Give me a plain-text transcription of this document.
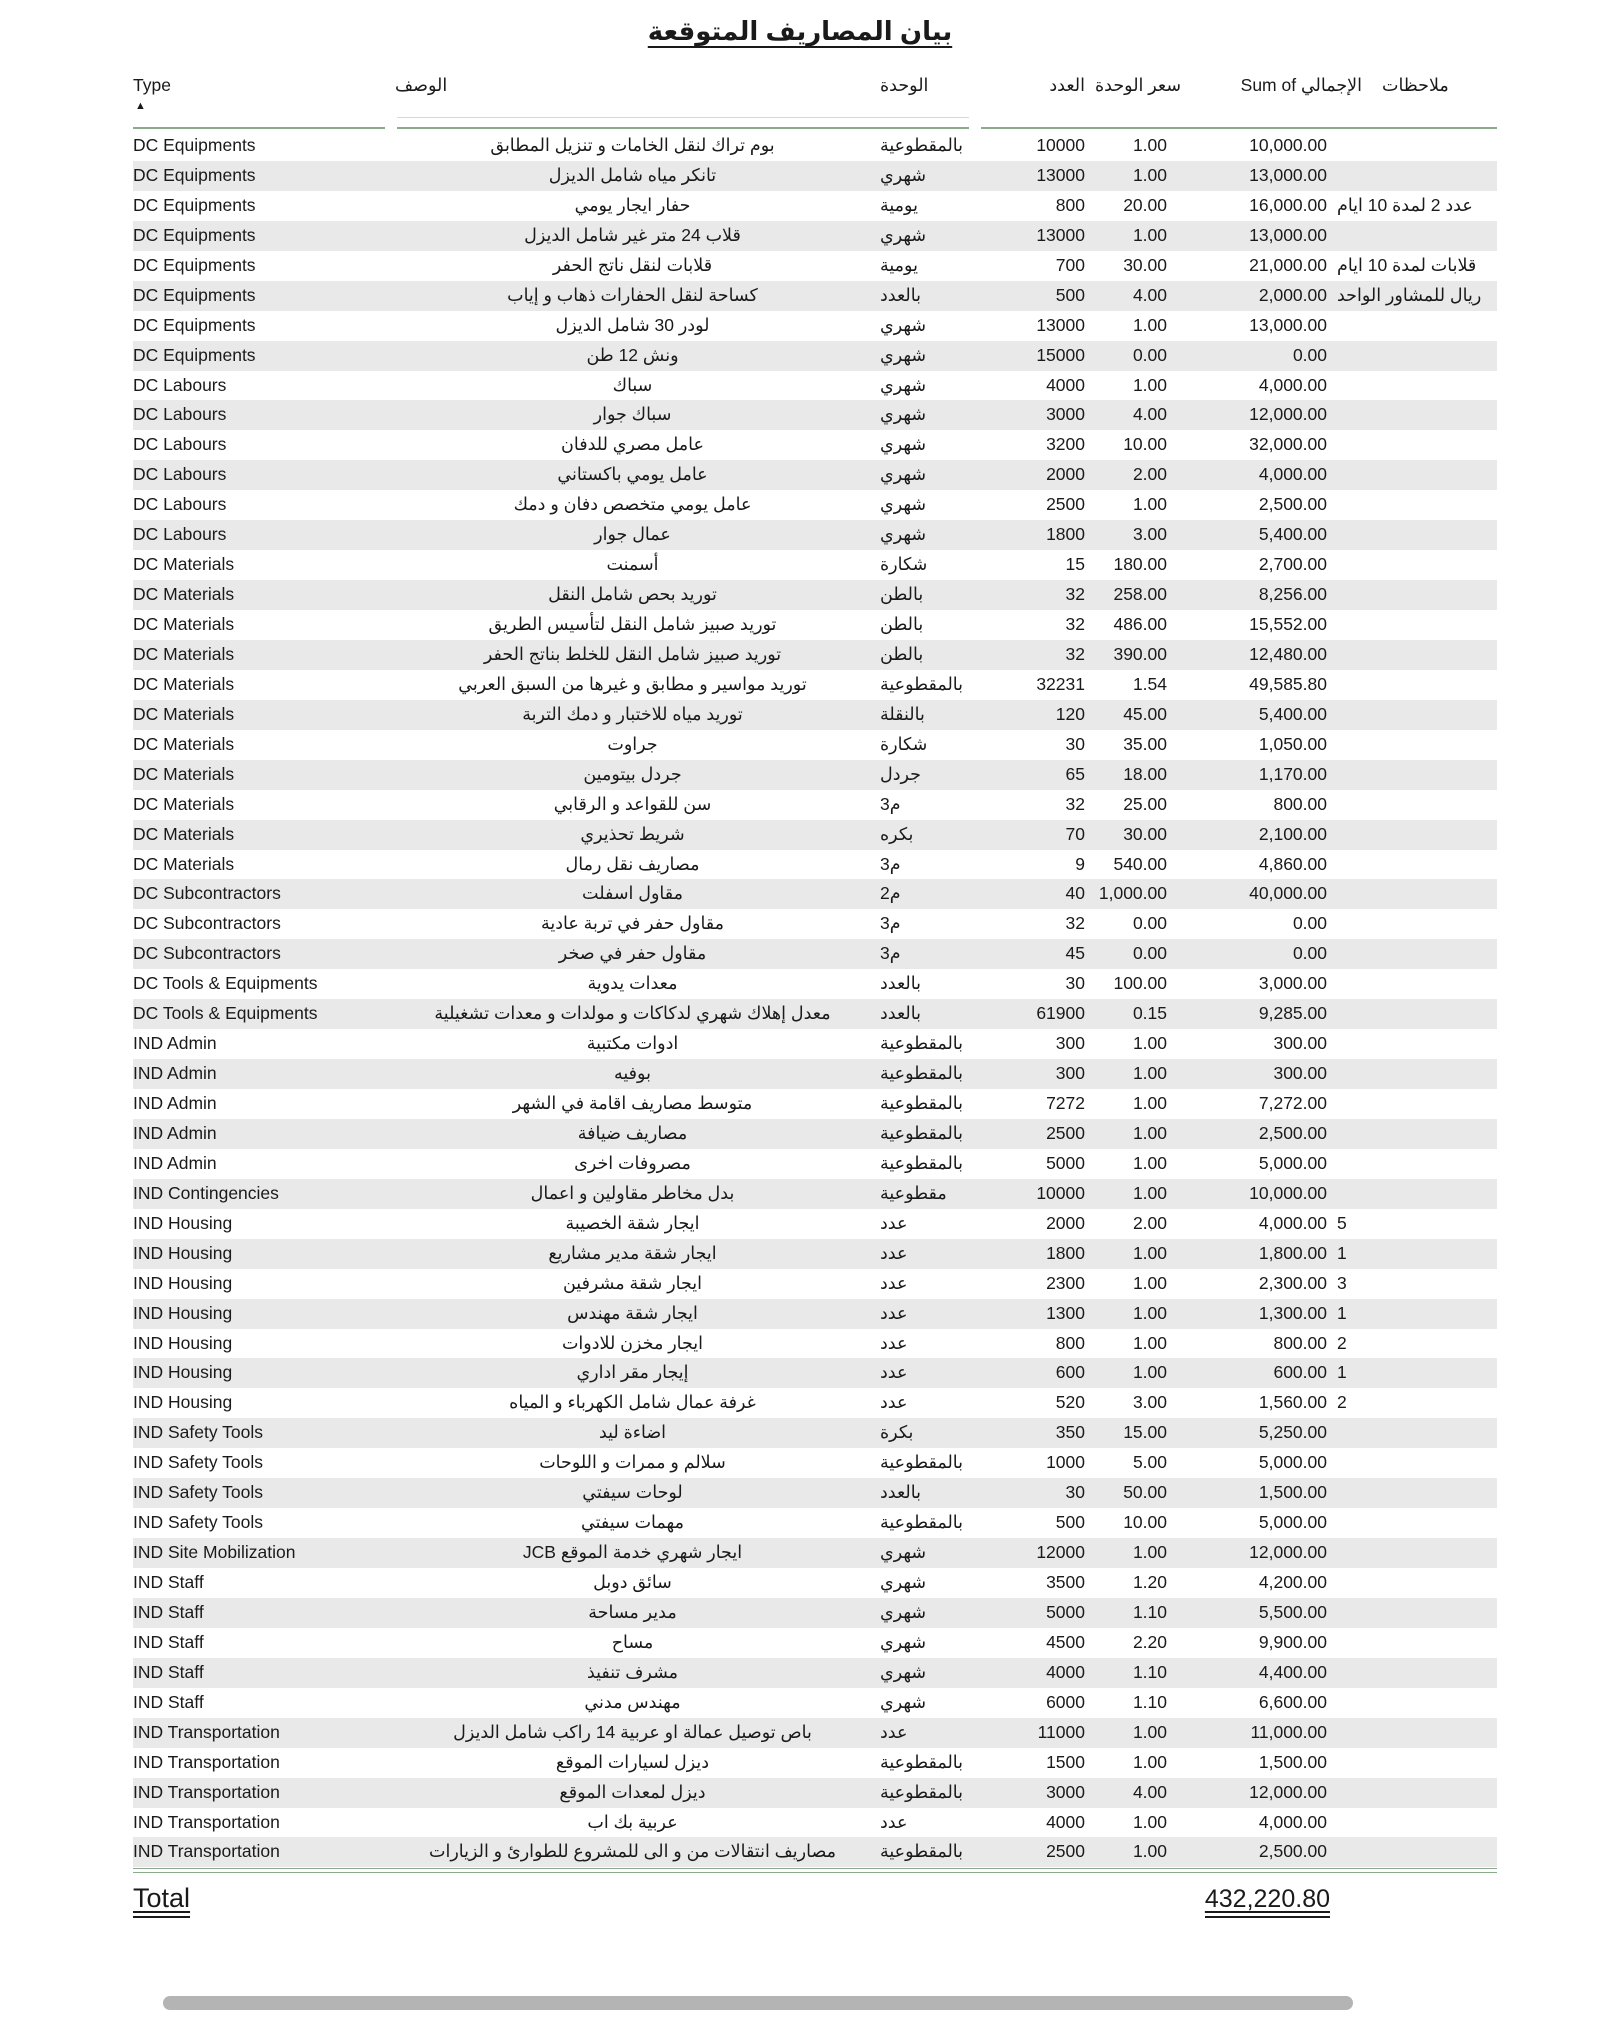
بيان المصاريف المتوقعة
Type	الوصف	الوحدة	العدد سعر الوحدة	Sum of الإجمالي	ملاحظات
▲
DC Equipments	بوم تراك لنقل الخامات و تنزيل المطابق	بالمقطوعية	10000	1.00	10,000.00
DC Equipments	تانكر مياه شامل الديزل	شهري	13000	1.00	13,000.00
DC Equipments	حفار ايجار يومي	يومية	800	20.00	16,000.00 عدد 2 لمدة 10 ايام
DC Equipments	قلاب 24 متر غير شامل الديزل	شهري	13000	1.00	13,000.00
DC Equipments	قلابات لنقل ناتج الحفر	يومية	700	30.00	21,000.00 قلابات لمدة 10 ايام
DC Equipments	كساحة لنقل الحفارات ذهاب و إياب	بالعدد	500	4.00	2,000.00 ريال للمشاور الواحد
DC Equipments	لودر 30 شامل الديزل	شهري	13000	1.00	13,000.00
DC Equipments	ونش 12 طن	شهري	15000	0.00	0.00
DC Labours	سباك	شهري	4000	1.00	4,000.00
DC Labours	سباك جوار	شهري	3000	4.00	12,000.00
DC Labours	عامل مصري للدفان	شهري	3200	10.00	32,000.00
DC Labours	عامل يومي باكستاني	شهري	2000	2.00	4,000.00
DC Labours	عامل يومي متخصص دفان و دمك	شهري	2500	1.00	2,500.00
DC Labours	عمال جوار	شهري	1800	3.00	5,400.00
DC Materials	أسمنت	شكارة	15	180.00	2,700.00
DC Materials	توريد بحص شامل النقل	بالطن	32	258.00	8,256.00
DC Materials	توريد صبيز شامل النقل لتأسيس الطريق	بالطن	32	486.00	15,552.00
DC Materials	توريد صبيز شامل النقل للخلط بناتج الحفر	بالطن	32	390.00	12,480.00
DC Materials	توريد مواسير و مطابق و غيرها من السبق العربي	بالمقطوعية	32231	1.54	49,585.80
DC Materials	توريد مياه للاختبار و دمك التربة	بالنقلة	120	45.00	5,400.00
DC Materials	جراوت	شكارة	30	35.00	1,050.00
DC Materials	جردل بيتومين	جردل	65	18.00	1,170.00
DC Materials	سن للقواعد و الرقابي	م3	32	25.00	800.00
DC Materials	شريط تحذيري	بكره	70	30.00	2,100.00
DC Materials	مصاريف نقل رمال	م3	9	540.00	4,860.00
DC Subcontractors	مقاول اسفلت	م2	40 1,000.00	40,000.00
DC Subcontractors	مقاول حفر في تربة عادية	م3	32	0.00	0.00
DC Subcontractors	مقاول حفر في صخر	م3	45	0.00	0.00
DC Tools & Equipments	معدات يدوية	بالعدد	30	100.00	3,000.00
DC Tools & Equipments	معدل إهلاك شهري لدكاكات و مولدات و معدات تشغيلية	بالعدد	61900	0.15	9,285.00
IND Admin	ادوات مكتبية	بالمقطوعية	300	1.00	300.00
IND Admin	بوفيه	بالمقطوعية	300	1.00	300.00
IND Admin	متوسط مصاريف اقامة في الشهر	بالمقطوعية	7272	1.00	7,272.00
IND Admin	مصاريف ضيافة	بالمقطوعية	2500	1.00	2,500.00
IND Admin	مصروفات اخرى	بالمقطوعية	5000	1.00	5,000.00
IND Contingencies	بدل مخاطر مقاولين و اعمال	مقطوعية	10000	1.00	10,000.00
IND Housing	ايجار شقة الخصيبة	عدد	2000	2.00	4,000.00 5
IND Housing	ايجار شقة مدير مشاريع	عدد	1800	1.00	1,800.00 1
IND Housing	ايجار شقة مشرفين	عدد	2300	1.00	2,300.00 3
IND Housing	ايجار شقة مهندس	عدد	1300	1.00	1,300.00 1
IND Housing	ايجار مخزن للادوات	عدد	800	1.00	800.00 2
IND Housing	إيجار مقر اداري	عدد	600	1.00	600.00 1
IND Housing	غرفة عمال شامل الكهرباء و المياه	عدد	520	3.00	1,560.00 2
IND Safety Tools	اضاءة ليد	بكرة	350	15.00	5,250.00
IND Safety Tools	سلالم و ممرات و اللوحات	بالمقطوعية	1000	5.00	5,000.00
IND Safety Tools	لوحات سيفتي	بالعدد	30	50.00	1,500.00
IND Safety Tools	مهمات سيفتي	بالمقطوعية	500	10.00	5,000.00
IND Site Mobilization	ايجار شهري خدمة الموقع JCB	شهري	12000	1.00	12,000.00
IND Staff	سائق دوبل	شهري	3500	1.20	4,200.00
IND Staff	مدير مساحة	شهري	5000	1.10	5,500.00
IND Staff	مساح	شهري	4500	2.20	9,900.00
IND Staff	مشرف تنفيذ	شهري	4000	1.10	4,400.00
IND Staff	مهندس مدني	شهري	6000	1.10	6,600.00
IND Transportation	باص توصيل عمالة او عربية 14 راكب شامل الديزل	عدد	11000	1.00	11,000.00
IND Transportation	ديزل لسيارات الموقع	بالمقطوعية	1500	1.00	1,500.00
IND Transportation	ديزل لمعدات الموقع	بالمقطوعية	3000	4.00	12,000.00
IND Transportation	عربية بك اب	عدد	4000	1.00	4,000.00
IND Transportation	مصاريف انتقالات من و الى للمشروع للطوارئ و الزيارات	بالمقطوعية	2500	1.00	2,500.00
Total	432,220.80
